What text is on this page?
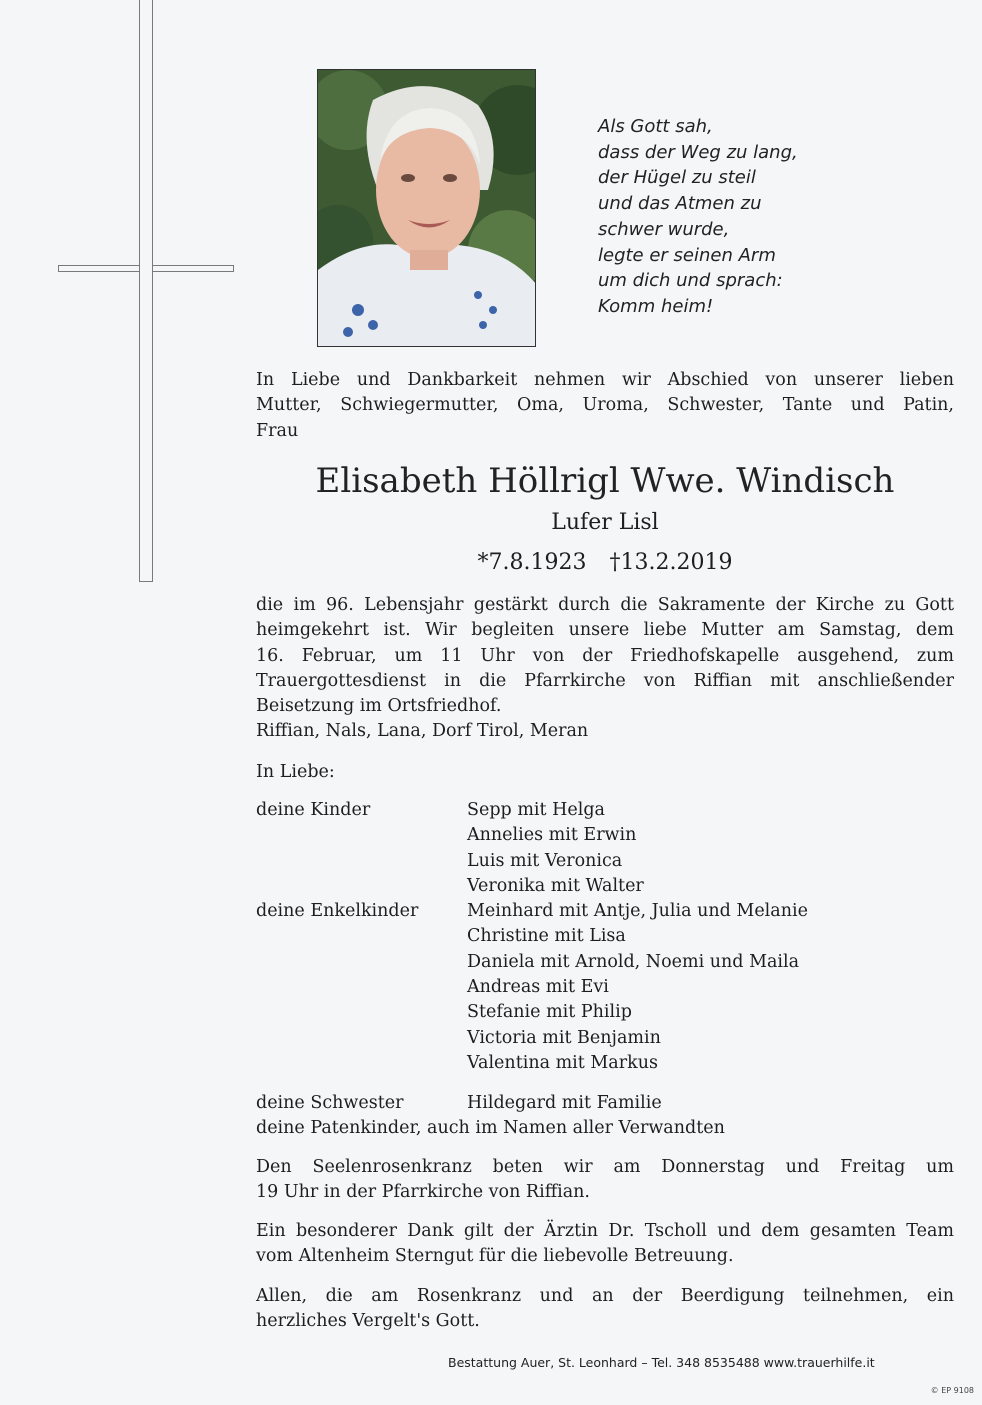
Als Gott sah,
dass der Weg zu lang,
der Hügel zu steil
und das Atmen zu
schwer wurde,
legte er seinen Arm
um dich und sprach:
Komm heim!
In Liebe und Dankbarkeit nehmen wir Abschied von unserer lieben
Mutter, Schwiegermutter, Oma, Uroma, Schwester, Tante und Patin,
Frau
Elisabeth Höllrigl Wwe. Windisch
Lufer Lisl
*7.8.1923 †13.2.2019
die im 96. Lebensjahr gestärkt durch die Sakramente der Kirche zu Gott
heimgekehrt ist. Wir begleiten unsere liebe Mutter am Samstag, dem
16. Februar, um 11 Uhr von der Friedhofskapelle ausgehend, zum
Trauergottesdienst in die Pfarrkirche von Riffian mit anschließender
Beisetzung im Ortsfriedhof.
Riffian, Nals, Lana, Dorf Tirol, Meran
In Liebe:
deine Kinder	Sepp mit Helga
Annelies mit Erwin
Luis mit Veronica
Veronika mit Walter
deine Enkelkinder	Meinhard mit Antje, Julia und Melanie
Christine mit Lisa
Daniela mit Arnold, Noemi und Maila
Andreas mit Evi
Stefanie mit Philip
Victoria mit Benjamin
Valentina mit Markus
deine Schwester	Hildegard mit Familie
deine Patenkinder, auch im Namen aller Verwandten
Den Seelenrosenkranz beten wir am Donnerstag und Freitag um
19 Uhr in der Pfarrkirche von Riffian.
Ein besonderer Dank gilt der Ärztin Dr. Tscholl und dem gesamten Team
vom Altenheim Sterngut für die liebevolle Betreuung.
Allen, die am Rosenkranz und an der Beerdigung teilnehmen, ein
herzliches Vergelt's Gott.
Bestattung Auer, St. Leonhard – Tel. 348 8535488 www.trauerhilfe.it
© EP 9108
